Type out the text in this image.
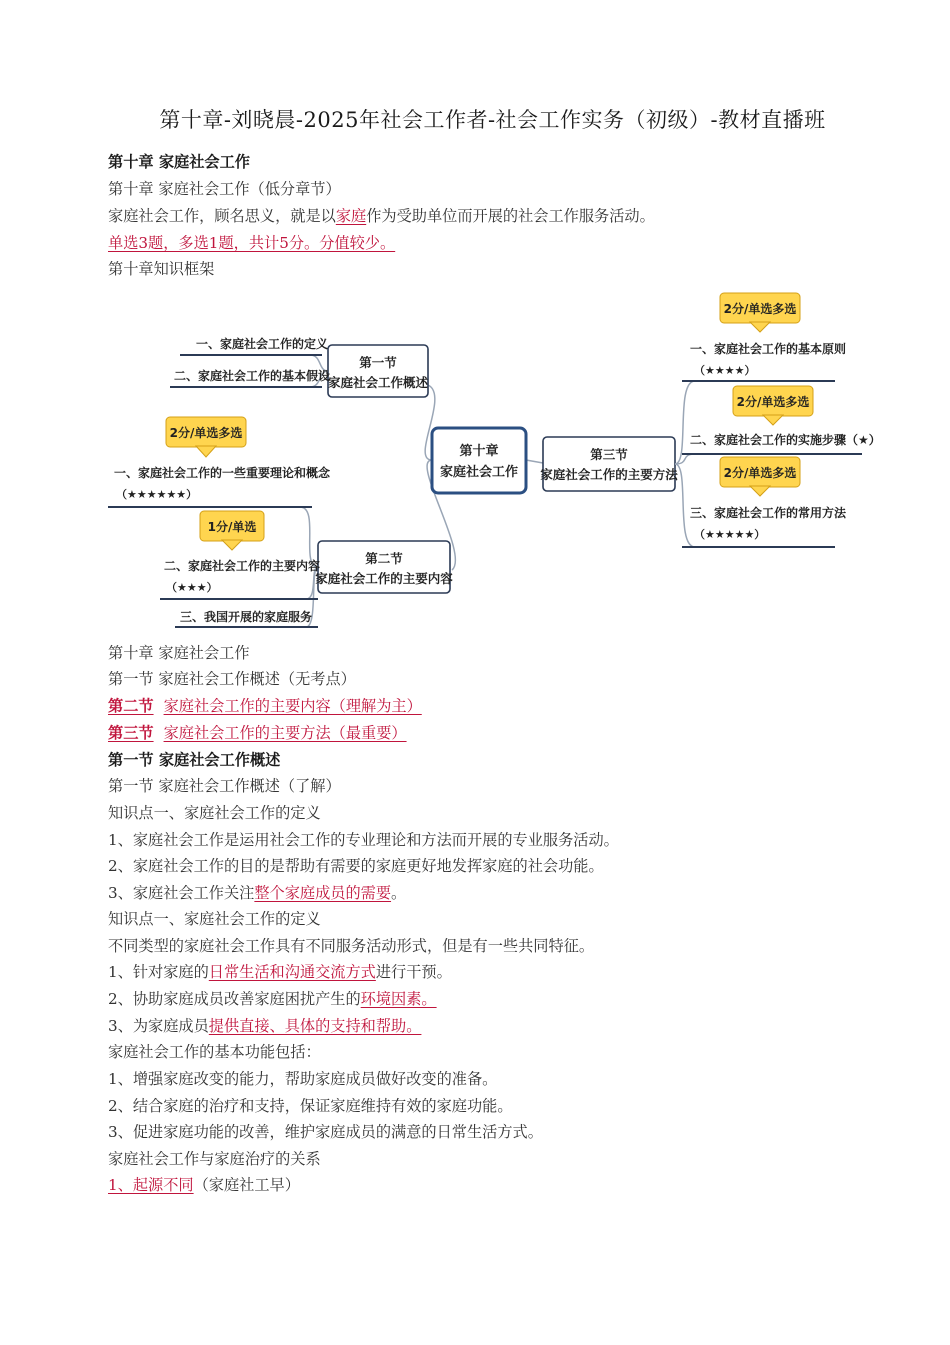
第十章-刘晓晨-2025年社会工作者-社会工作实务（初级）-教材直播班
第十章 家庭社会工作
第十章 家庭社会工作（低分章节）
家庭社会工作，顾名思义，就是以家庭作为受助单位而开展的社会工作服务活动。
单选3题，多选1题，共计5分。分值较少。
第十章知识框架
第十章
家庭社会工作
第一节
家庭社会工作概述
一、家庭社会工作的定义
二、家庭社会工作的基本假设
第二节
家庭社会工作的主要内容
一、家庭社会工作的一些重要理论和概念
（★★★★★★）
二、家庭社会工作的主要内容
（★★★）
三、我国开展的家庭服务
2分/单选多选
1分/单选
第三节
家庭社会工作的主要方法
一、家庭社会工作的基本原则
（★★★★）
二、家庭社会工作的实施步骤（★）
三、家庭社会工作的常用方法
（★★★★★）
2分/单选多选
2分/单选多选
2分/单选多选
第十章 家庭社会工作
第一节 家庭社会工作概述（无考点）
第二节 家庭社会工作的主要内容（理解为主）
第三节 家庭社会工作的主要方法（最重要）
第一节 家庭社会工作概述
第一节 家庭社会工作概述（了解）
知识点一、家庭社会工作的定义
1、家庭社会工作是运用社会工作的专业理论和方法而开展的专业服务活动。
2、家庭社会工作的目的是帮助有需要的家庭更好地发挥家庭的社会功能。
3、家庭社会工作关注整个家庭成员的需要。
知识点一、家庭社会工作的定义
不同类型的家庭社会工作具有不同服务活动形式，但是有一些共同特征。
1、针对家庭的日常生活和沟通交流方式进行干预。
2、协助家庭成员改善家庭困扰产生的环境因素。
3、为家庭成员提供直接、具体的支持和帮助。
家庭社会工作的基本功能包括：
1、增强家庭改变的能力，帮助家庭成员做好改变的准备。
2、结合家庭的治疗和支持，保证家庭维持有效的家庭功能。
3、促进家庭功能的改善，维护家庭成员的满意的日常生活方式。
家庭社会工作与家庭治疗的关系
1、起源不同（家庭社工早）
